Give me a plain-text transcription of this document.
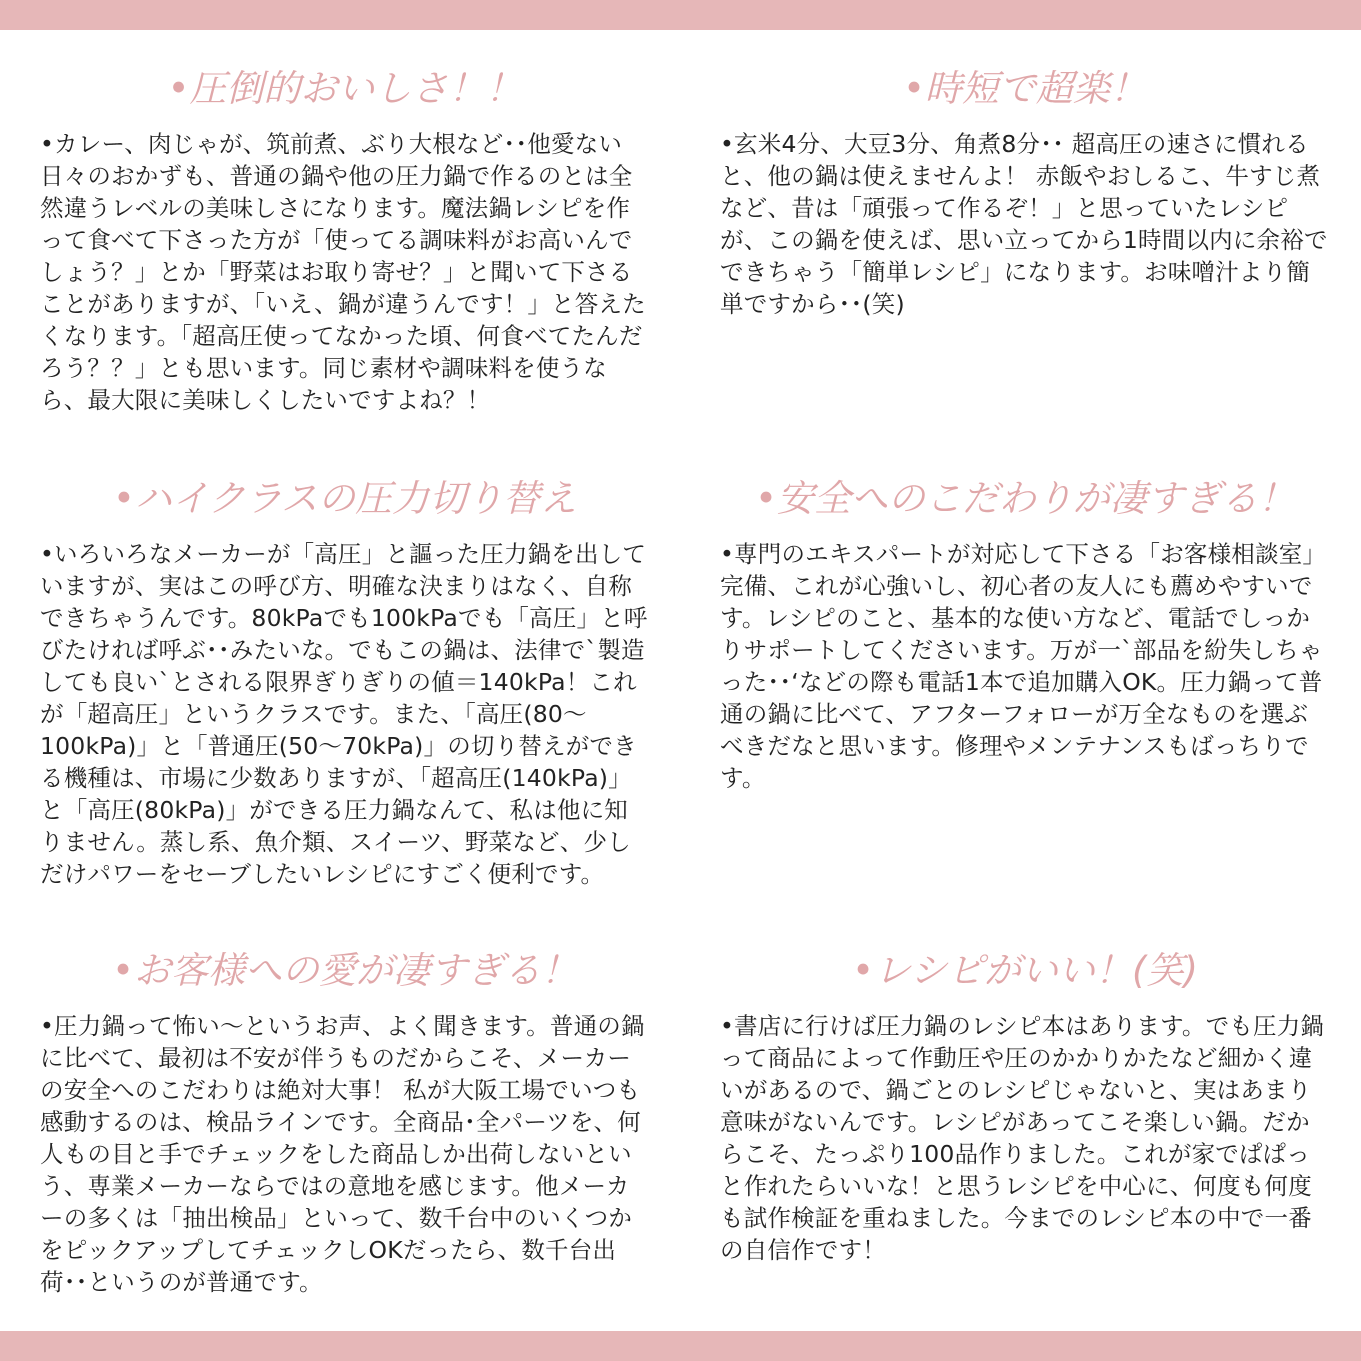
•圧倒的おいしさ！！

•カレー、肉じゃが、筑前煮、ぶり大根など･･他愛ない日々のおかずも、普通の鍋や他の圧力鍋で作るのとは全然違うレベルの美味しさになります。魔法鍋レシピを作って食べて下さった方が「使ってる調味料がお高いんでしょう？」とか「野菜はお取り寄せ？」と聞いて下さることがありますが、「いえ、鍋が違うんです！」と答えたくなります。「超高圧使ってなかった頃、何食べてたんだろう？？」とも思います。同じ素材や調味料を使うなら、最大限に美味しくしたいですよね？！

•時短で超楽！

•玄米4分、大豆3分、角煮8分･･ 超高圧の速さに慣れると、他の鍋は使えませんよ！ 赤飯やおしるこ、牛すじ煮など、昔は「頑張って作るぞ！」と思っていたレシピが、この鍋を使えば、思い立ってから1時間以内に余裕でできちゃう「簡単レシピ」になります。お味噌汁より簡単ですから･･(笑)

•ハイクラスの圧力切り替え

•いろいろなメーカーが「高圧」と謳った圧力鍋を出していますが、実はこの呼び方、明確な決まりはなく、自称できちゃうんです。80kPaでも100kPaでも「高圧」と呼びたければ呼ぶ･･みたいな。でもこの鍋は、法律で`製造しても良い`とされる限界ぎりぎりの値＝140kPa！これが「超高圧」というクラスです。また、「高圧(80～100kPa)」と「普通圧(50～70kPa)」の切り替えができる機種は、市場に少数ありますが、「超高圧(140kPa)」と「高圧(80kPa)」ができる圧力鍋なんて、私は他に知りません。蒸し系、魚介類、スイーツ、野菜など、少しだけパワーをセーブしたいレシピにすごく便利です。

•安全へのこだわりが凄すぎる！

•専門のエキスパートが対応して下さる「お客様相談室」完備、これが心強いし、初心者の友人にも薦めやすいです。レシピのこと、基本的な使い方など、電話でしっかりサポートしてくださいます。万が一`部品を紛失しちゃった･･‘などの際も電話1本で追加購入OK。圧力鍋って普通の鍋に比べて、アフターフォローが万全なものを選ぶべきだなと思います。修理やメンテナンスもばっちりです。

•お客様への愛が凄すぎる！

•圧力鍋って怖い～というお声、よく聞きます。普通の鍋に比べて、最初は不安が伴うものだからこそ、メーカーの安全へのこだわりは絶対大事！ 私が大阪工場でいつも感動するのは、検品ラインです。全商品･全パーツを、何人もの目と手でチェックをした商品しか出荷しないという、専業メーカーならではの意地を感じます。他メーカーの多くは「抽出検品」といって、数千台中のいくつかをピックアップしてチェックしOKだったら、数千台出荷･･というのが普通です。

•レシピがいい！(笑)

•書店に行けば圧力鍋のレシピ本はあります。でも圧力鍋って商品によって作動圧や圧のかかりかたなど細かく違いがあるので、鍋ごとのレシピじゃないと、実はあまり意味がないんです。レシピがあってこそ楽しい鍋。だからこそ、たっぷり100品作りました。これが家でぱぱっと作れたらいいな！と思うレシピを中心に、何度も何度も試作検証を重ねました。今までのレシピ本の中で一番の自信作です！
